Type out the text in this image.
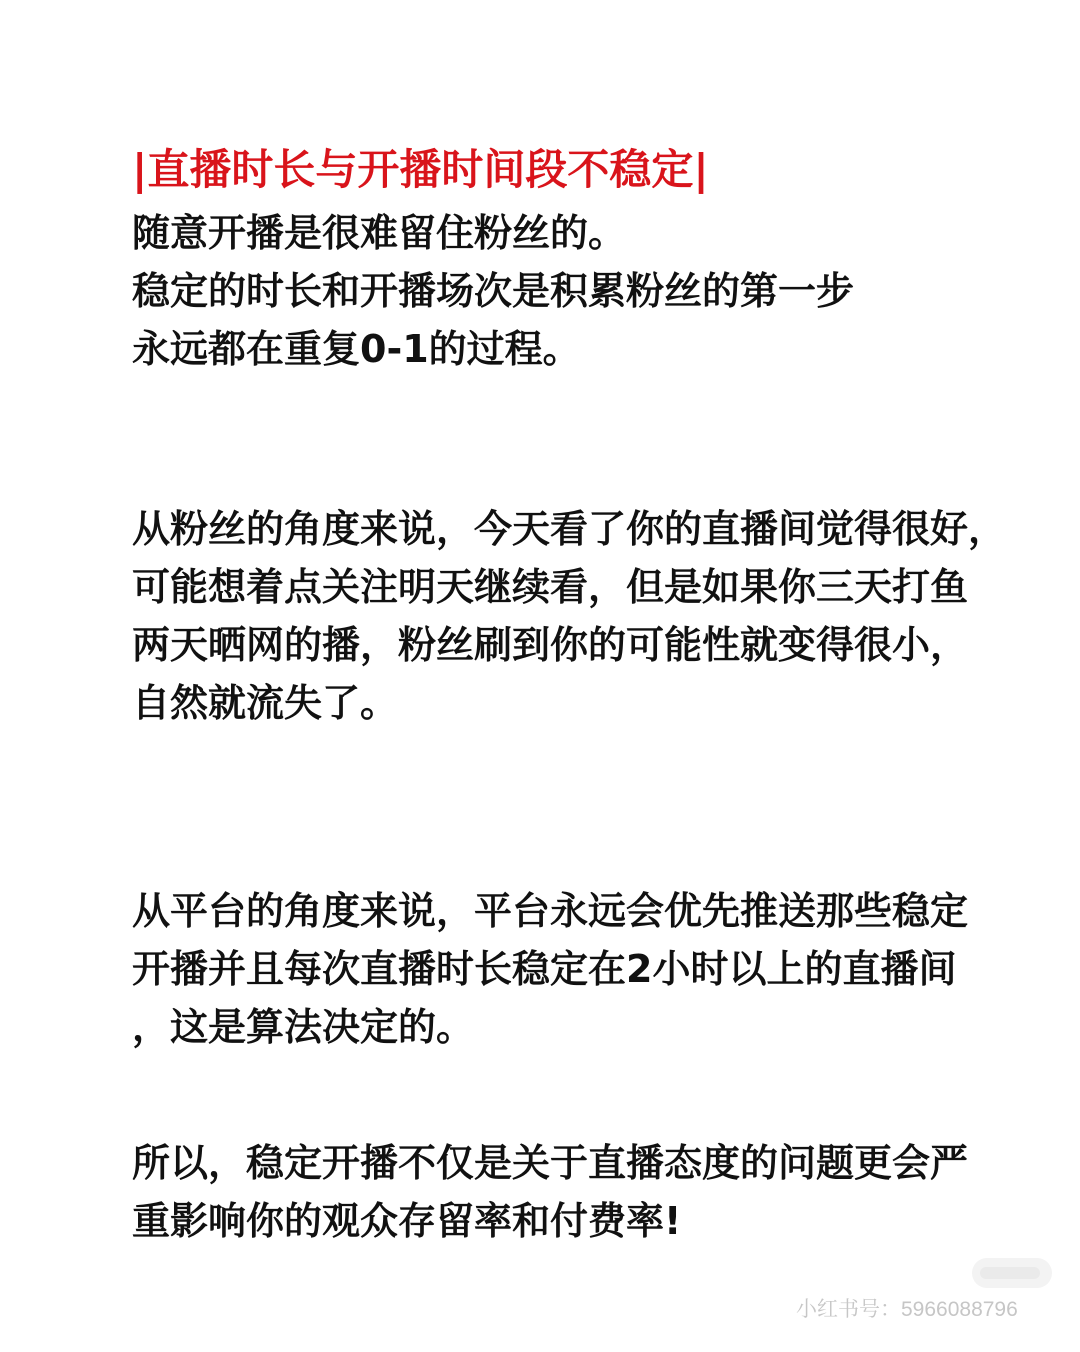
|直播时长与开播时间段不稳定|
随意开播是很难留住粉丝的。
稳定的时长和开播场次是积累粉丝的第一步
永远都在重复0-1的过程。
从粉丝的角度来说，今天看了你的直播间觉得很好，
可能想着点关注明天继续看，但是如果你三天打鱼
两天晒网的播，粉丝刷到你的可能性就变得很小，
自然就流失了。
从平台的角度来说，平台永远会优先推送那些稳定
开播并且每次直播时长稳定在2小时以上的直播间
，这是算法决定的。
所以，稳定开播不仅是关于直播态度的问题更会严
重影响你的观众存留率和付费率!
小红书号：5966088796
